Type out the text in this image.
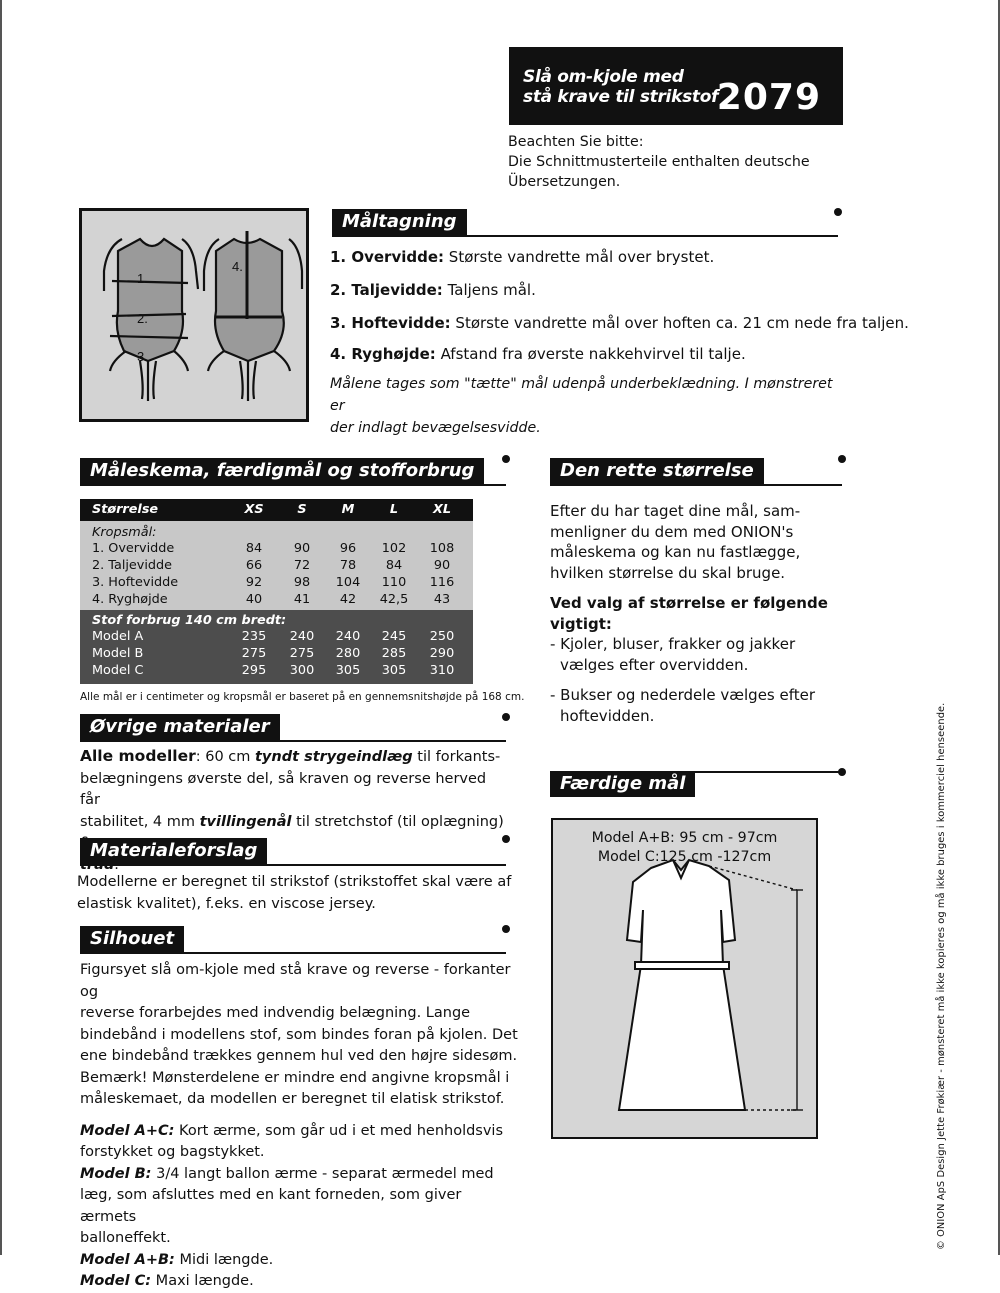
Slå om-kjole med
stå krave til strikstof
2079
Beachten Sie bitte:
Die Schnittmusterteile enthalten deutsche
Übersetzungen.
Måltagning
1.
2.
3.
4.
1. Overvidde: Største vandrette mål over brystet.
2. Taljevidde: Taljens mål.
3. Hoftevidde: Største vandrette mål over hoften ca. 21 cm nede fra taljen.
4. Ryghøjde: Afstand fra øverste nakkehvirvel til talje.
Målene tages som "tætte" mål udenpå underbeklædning. I mønstreret er
der indlagt bevægelsesvidde.
Måleskema, færdigmål og stofforbrug
Størrelse	XS	S	M	L	XL
Kropsmål:
1. Overvidde	84	90	96	102	108
2. Taljevidde	66	72	78	84	90
3. Hoftevidde	92	98	104	110	116
4. Ryghøjde	40	41	42	42,5	43
Stof forbrug 140 cm bredt:
Model A	235	240	240	245	250
Model B	275	275	280	285	290
Model C	295	300	305	305	310
Alle mål er i centimeter og kropsmål er baseret på en gennemsnitshøjde på 168 cm.
Øvrige materialer
Alle modeller: 60 cm tyndt strygeindlæg til forkants-
belægningens øverste del, så kraven og reverse herved får
stabilitet, 4 mm tvillingenål til stretchstof (til oplægning)
Materialeforslag
Modellerne er beregnet til strikstof (strikstoffet skal være af
elastisk kvalitet), f.eks. en viscose jersey.
Silhouet
Figursyet slå om-kjole med stå krave og reverse - forkanter og
reverse forarbejdes med indvendig belægning. Lange
bindebånd i modellens stof, som bindes foran på kjolen. Det
ene bindebånd trækkes gennem hul ved den højre sidesøm.
Bemærk! Mønsterdelene er mindre end angivne kropsmål i
måleskemaet, da modellen er beregnet til elatisk strikstof.
Model A+C: Kort ærme, som går ud i et med henholdsvis
forstykket og bagstykket.
Model B: 3/4 langt ballon ærme - separat ærmedel med
læg, som afsluttes med en kant forneden, som giver ærmets
balloneffekt.
Model A+B: Midi længde.
Model C: Maxi længde.
Den rette størrelse
Efter du har taget dine mål, sam-
menligner du dem med ONION's
måleskema og kan nu fastlægge,
hvilken størrelse du skal bruge.
Ved valg af størrelse er følgende
vigtigt:
- Kjoler, bluser, frakker og jakker
vælges efter overvidden.
- Bukser og nederdele vælges efter
hoftevidden.
Færdige mål
Model A+B: 95 cm - 97cm
Model C:125 cm -127cm	© ONION ApS Design Jette Frøkiær - mønsteret må ikke kopieres og må ikke bruges i kommerciel henseende.
